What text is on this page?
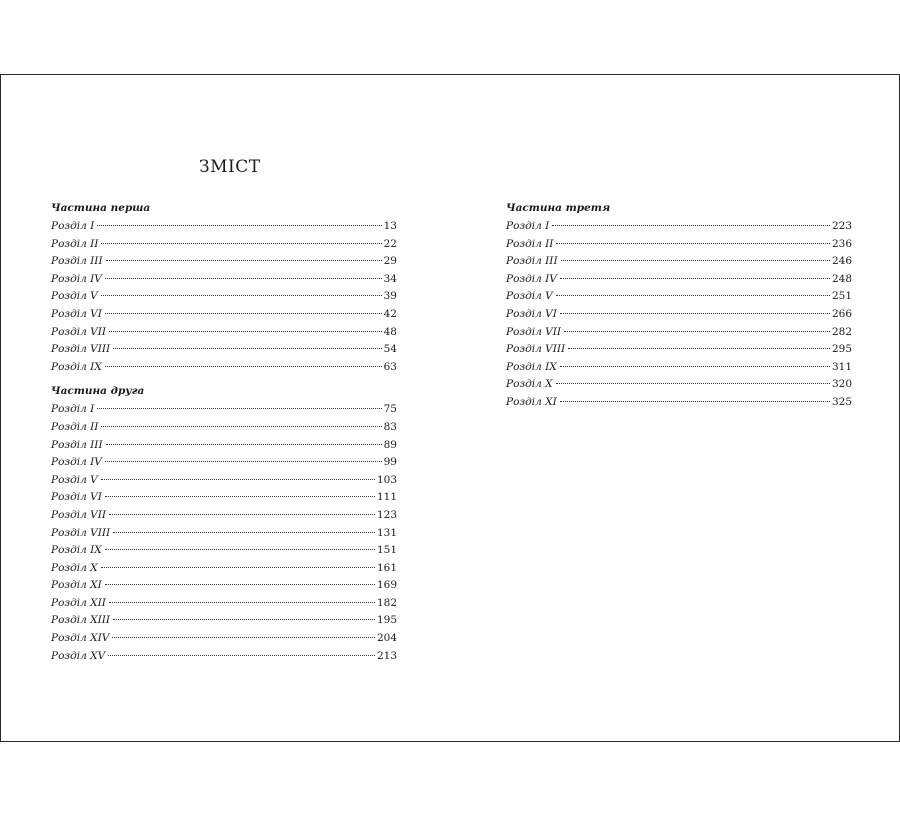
ЗМІСТ
Частина перша
Розділ I	13
Розділ II	22
Розділ III	29
Розділ IV	34
Розділ V	39
Розділ VI	42
Розділ VII	48
Розділ VIII	54
Розділ IX	63
Частина друга
Розділ I	75
Розділ II	83
Розділ III	89
Розділ IV	99
Розділ V	103
Розділ VI	111
Розділ VII	123
Розділ VIII	131
Розділ IX	151
Розділ X	161
Розділ XI	169
Розділ XII	182
Розділ XIII	195
Розділ XIV	204
Розділ XV	213
Частина третя
Розділ I	223
Розділ II	236
Розділ III	246
Розділ IV	248
Розділ V	251
Розділ VI	266
Розділ VII	282
Розділ VIII	295
Розділ IX	311
Розділ X	320
Розділ XI	325
